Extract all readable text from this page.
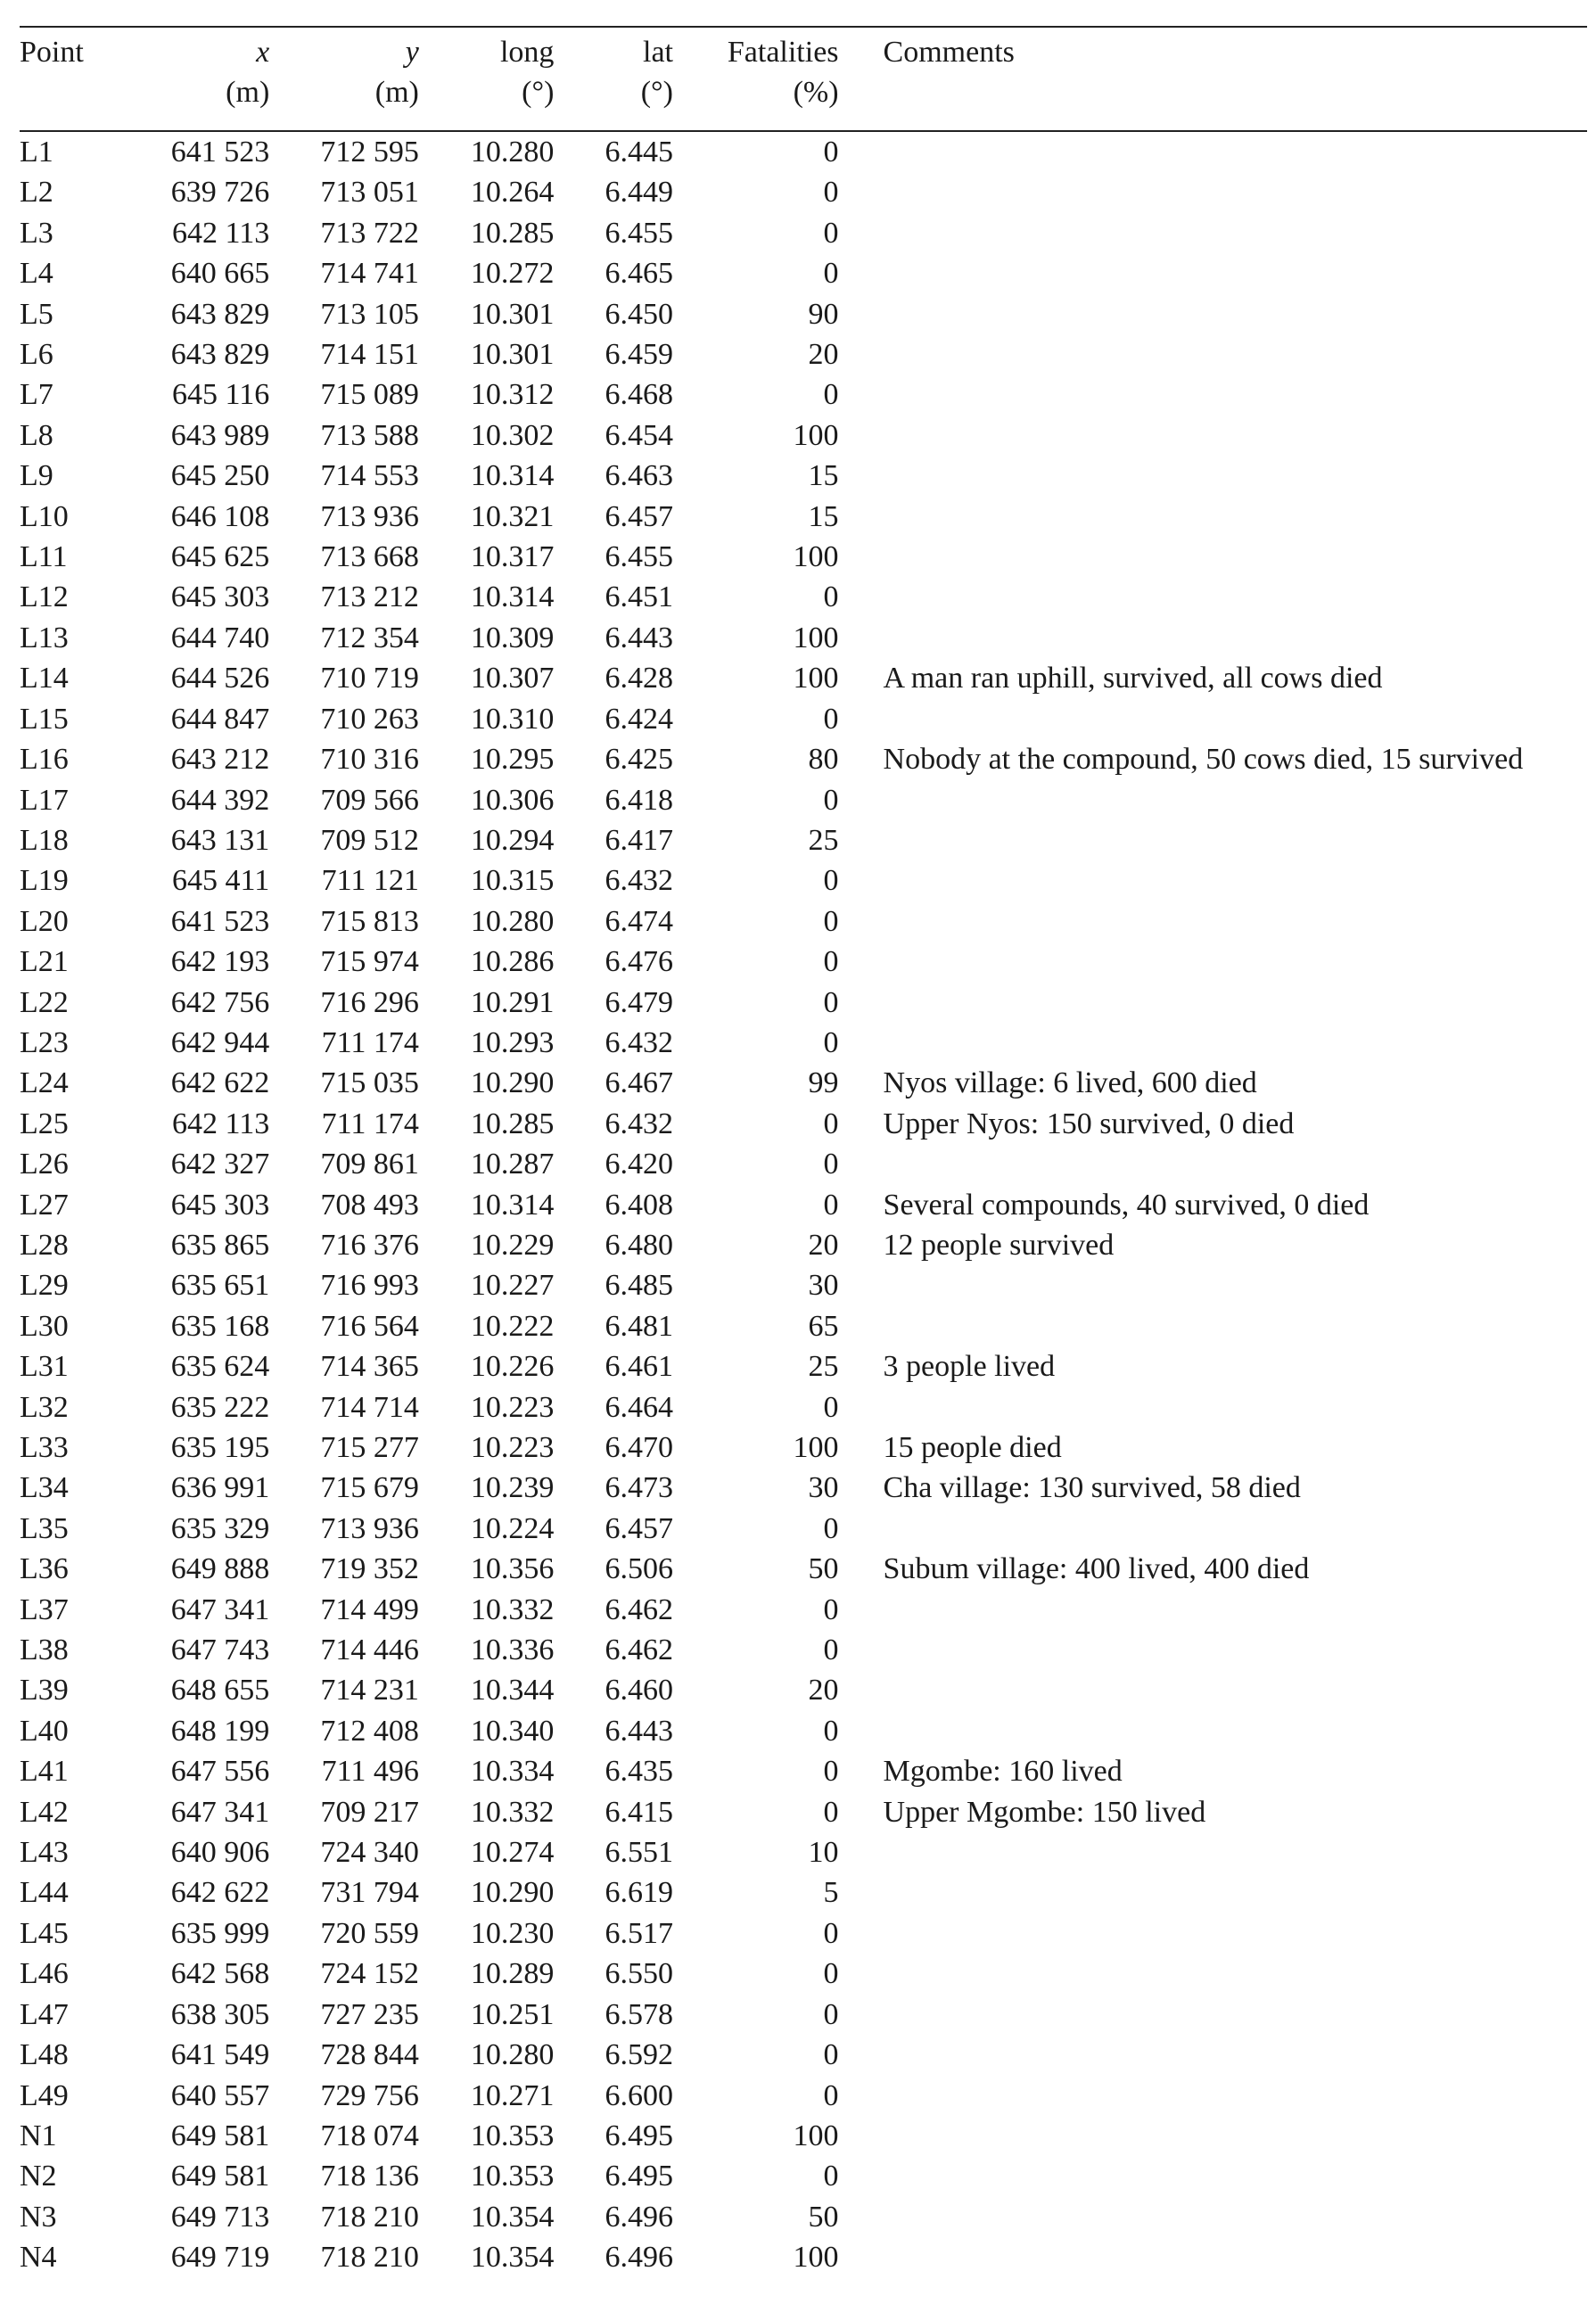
Point	x	y	long	lat	Fatalities	Comments
	(m)	(m)	(°)	(°)	(%)	

L1	641 523	712 595	10.280	6.445	0	
L2	639 726	713 051	10.264	6.449	0	
L3	642 113	713 722	10.285	6.455	0	
L4	640 665	714 741	10.272	6.465	0	
L5	643 829	713 105	10.301	6.450	90	
L6	643 829	714 151	10.301	6.459	20	
L7	645 116	715 089	10.312	6.468	0	
L8	643 989	713 588	10.302	6.454	100	
L9	645 250	714 553	10.314	6.463	15	
L10	646 108	713 936	10.321	6.457	15	
L11	645 625	713 668	10.317	6.455	100	
L12	645 303	713 212	10.314	6.451	0	
L13	644 740	712 354	10.309	6.443	100	
L14	644 526	710 719	10.307	6.428	100	A man ran uphill, survived, all cows died
L15	644 847	710 263	10.310	6.424	0	
L16	643 212	710 316	10.295	6.425	80	Nobody at the compound, 50 cows died, 15 survived
L17	644 392	709 566	10.306	6.418	0	
L18	643 131	709 512	10.294	6.417	25	
L19	645 411	711 121	10.315	6.432	0	
L20	641 523	715 813	10.280	6.474	0	
L21	642 193	715 974	10.286	6.476	0	
L22	642 756	716 296	10.291	6.479	0	
L23	642 944	711 174	10.293	6.432	0	
L24	642 622	715 035	10.290	6.467	99	Nyos village: 6 lived, 600 died
L25	642 113	711 174	10.285	6.432	0	Upper Nyos: 150 survived, 0 died
L26	642 327	709 861	10.287	6.420	0	
L27	645 303	708 493	10.314	6.408	0	Several compounds, 40 survived, 0 died
L28	635 865	716 376	10.229	6.480	20	12 people survived
L29	635 651	716 993	10.227	6.485	30	
L30	635 168	716 564	10.222	6.481	65	
L31	635 624	714 365	10.226	6.461	25	3 people lived
L32	635 222	714 714	10.223	6.464	0	
L33	635 195	715 277	10.223	6.470	100	15 people died
L34	636 991	715 679	10.239	6.473	30	Cha village: 130 survived, 58 died
L35	635 329	713 936	10.224	6.457	0	
L36	649 888	719 352	10.356	6.506	50	Subum village: 400 lived, 400 died
L37	647 341	714 499	10.332	6.462	0	
L38	647 743	714 446	10.336	6.462	0	
L39	648 655	714 231	10.344	6.460	20	
L40	648 199	712 408	10.340	6.443	0	
L41	647 556	711 496	10.334	6.435	0	Mgombe: 160 lived
L42	647 341	709 217	10.332	6.415	0	Upper Mgombe: 150 lived
L43	640 906	724 340	10.274	6.551	10	
L44	642 622	731 794	10.290	6.619	5	
L45	635 999	720 559	10.230	6.517	0	
L46	642 568	724 152	10.289	6.550	0	
L47	638 305	727 235	10.251	6.578	0	
L48	641 549	728 844	10.280	6.592	0	
L49	640 557	729 756	10.271	6.600	0	
N1	649 581	718 074	10.353	6.495	100	
N2	649 581	718 136	10.353	6.495	0	
N3	649 713	718 210	10.354	6.496	50	
N4	649 719	718 210	10.354	6.496	100	
